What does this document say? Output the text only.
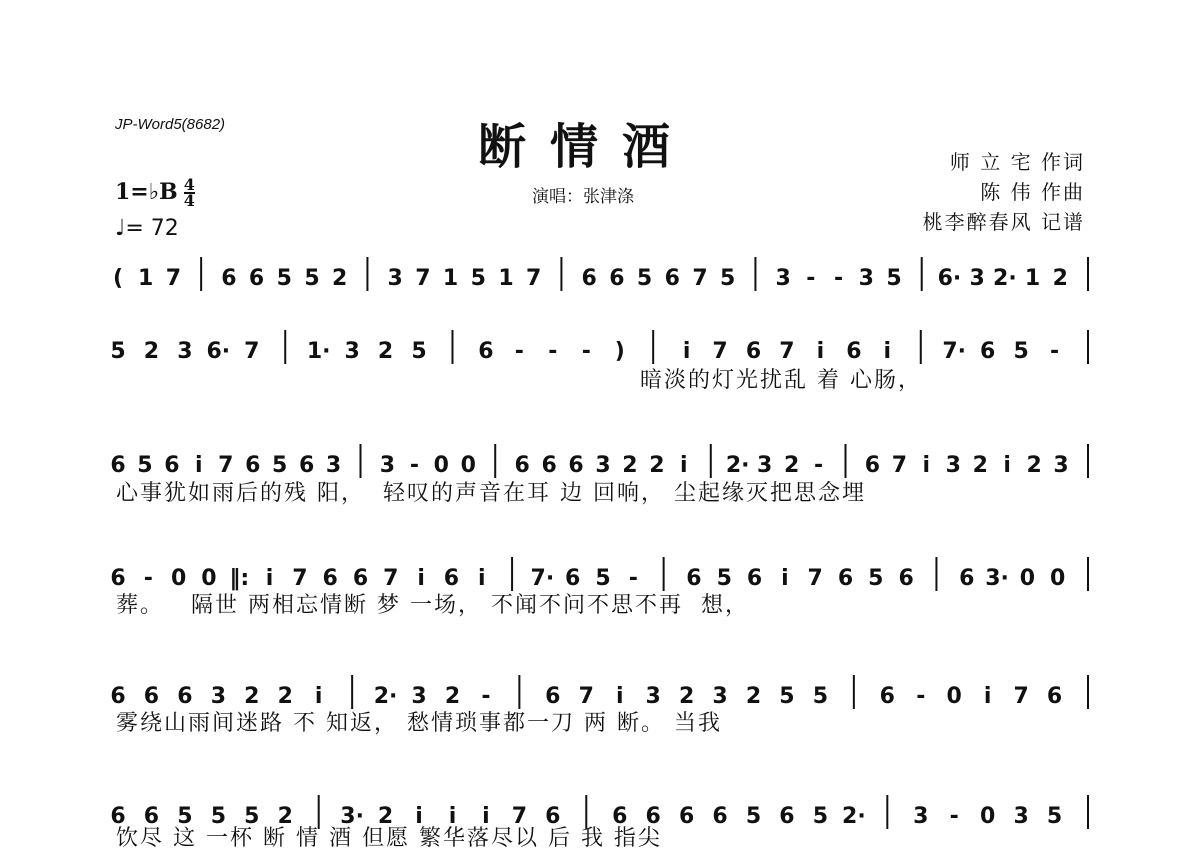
JP-Word5(8682)	断情酒
演唱：张津涤
师 立 宅 作词
陈 伟 作曲
桃李醉春风 记谱
1=♭B $\frac{4}{4}$
♩= 72
( 1 7 6 6 5 5 2 3 7 1 5 1 7 6 6 5 6 7 5 3 - - 3 5 6· 3 2· 1 2
5 2 3 6· 7 1· 3 2 5 6 - - - )	i 7 6 7 i 6 i 7· 6 5 -
6 5 6 i 7 6 5 6 3 3 - 0 0 6 6 6 3 2 2 i 2· 3 2 - 6 7 i 3 2 i 2 3
6 - 0 0 ‖: i 7 6 6 7 i 6 i 7· 6 5 - 6 5 6 i 7 6 5 6 6 3· 0 0
6 6 6 3 2 2 i 2· 3 2 - 6 7 i 3 2 3 2 5 5 6 - 0 i 7 6
6 6 5 5 5 2 3· 2 i i i 7 6 6 6 6 6 5 6 5 2· 3 - 0 3 5
暗淡的灯光扰乱 着 心肠，
心事犹如雨后的残 阳，  轻叹的声音在耳 边 回响， 尘起缘灭把思念埋
葬。   隔世 两相忘情断 梦 一场， 不闻不问不思不再  想，
雾绕山雨间迷路 不 知返， 愁情琐事都一刀 两 断。 当我
饮尽 这 一杯 断 情 酒 但愿 繁华落尽以 后 我 指尖
